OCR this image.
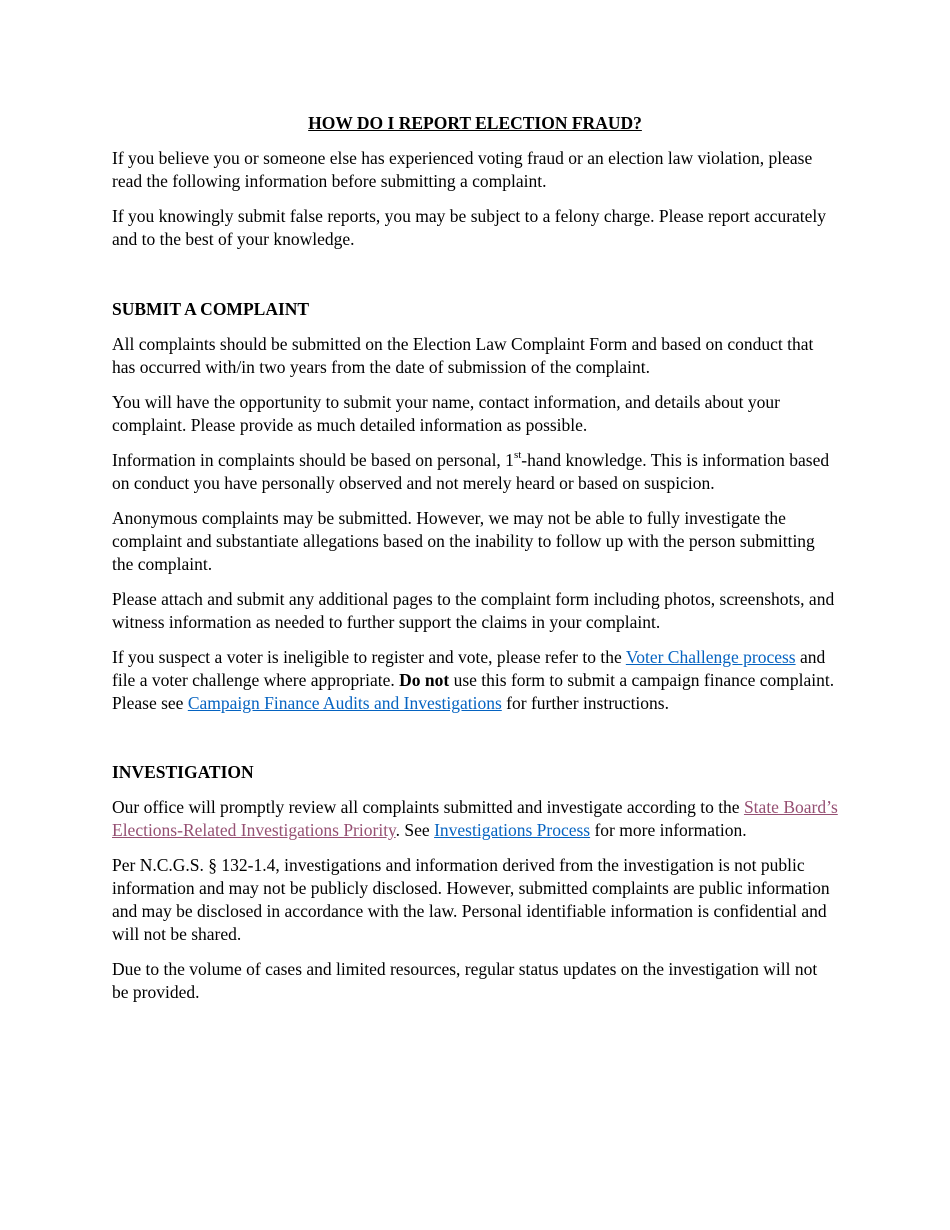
HOW DO I REPORT ELECTION FRAUD?

If you believe you or someone else has experienced voting fraud or an election law violation, please read the following information before submitting a complaint.

If you knowingly submit false reports, you may be subject to a felony charge. Please report accurately and to the best of your knowledge.

SUBMIT A COMPLAINT

All complaints should be submitted on the Election Law Complaint Form and based on conduct that has occurred with/in two years from the date of submission of the complaint.

You will have the opportunity to submit your name, contact information, and details about your complaint. Please provide as much detailed information as possible.

Information in complaints should be based on personal, 1st-hand knowledge. This is information based on conduct you have personally observed and not merely heard or based on suspicion.

Anonymous complaints may be submitted. However, we may not be able to fully investigate the complaint and substantiate allegations based on the inability to follow up with the person submitting the complaint.

Please attach and submit any additional pages to the complaint form including photos, screenshots, and witness information as needed to further support the claims in your complaint.

If you suspect a voter is ineligible to register and vote, please refer to the Voter Challenge process and file a voter challenge where appropriate. Do not use this form to submit a campaign finance complaint. Please see Campaign Finance Audits and Investigations for further instructions.

INVESTIGATION

Our office will promptly review all complaints submitted and investigate according to the State Board’s Elections-Related Investigations Priority. See Investigations Process for more information.

Per N.C.G.S. § 132-1.4, investigations and information derived from the investigation is not public information and may not be publicly disclosed. However, submitted complaints are public information and may be disclosed in accordance with the law. Personal identifiable information is confidential and will not be shared.

Due to the volume of cases and limited resources, regular status updates on the investigation will not be provided.
